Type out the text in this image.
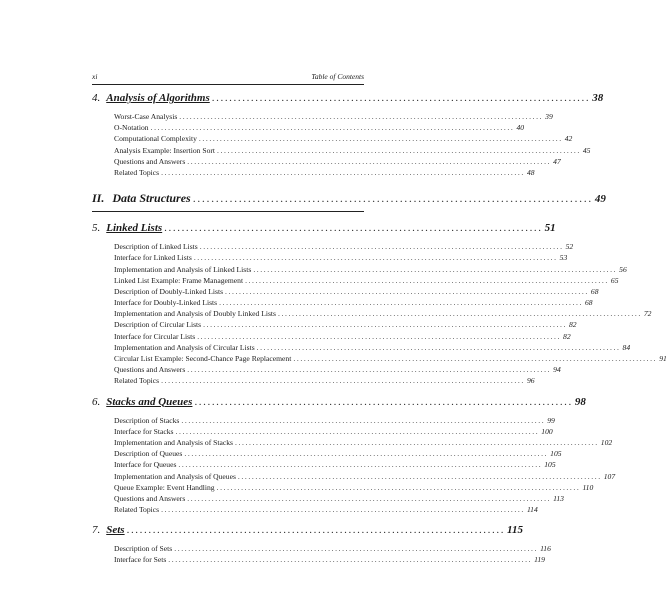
xi	Table of Contents
4. Analysis of Algorithms ....................................................................................... 38
Worst-Case Analysis ........................................................................................................ 39
O-Notation ........................................................................................................ 40
Computational Complexity ........................................................................................................ 42
Analysis Example: Insertion Sort ........................................................................................................ 45
Questions and Answers ........................................................................................................ 47
Related Topics ........................................................................................................ 48
II. Data Structures ....................................................................................... 49
5. Linked Lists ....................................................................................... 51
Description of Linked Lists ........................................................................................................ 52
Interface for Linked Lists ........................................................................................................ 53
Implementation and Analysis of Linked Lists ........................................................................................................ 56
Linked List Example: Frame Management ........................................................................................................ 65
Description of Doubly-Linked Lists ........................................................................................................ 68
Interface for Doubly-Linked Lists ........................................................................................................ 68
Implementation and Analysis of Doubly Linked Lists ........................................................................................................ 72
Description of Circular Lists ........................................................................................................ 82
Interface for Circular Lists ........................................................................................................ 82
Implementation and Analysis of Circular Lists ........................................................................................................ 84
Circular List Example: Second-Chance Page Replacement ........................................................................................................ 91
Questions and Answers ........................................................................................................ 94
Related Topics ........................................................................................................ 96
6. Stacks and Queues ....................................................................................... 98
Description of Stacks ........................................................................................................ 99
Interface for Stacks ........................................................................................................ 100
Implementation and Analysis of Stacks ........................................................................................................ 102
Description of Queues ........................................................................................................ 105
Interface for Queues ........................................................................................................ 105
Implementation and Analysis of Queues ........................................................................................................ 107
Queue Example: Event Handling ........................................................................................................ 110
Questions and Answers ........................................................................................................ 113
Related Topics ........................................................................................................ 114
7. Sets ....................................................................................... 115
Description of Sets ........................................................................................................ 116
Interface for Sets ........................................................................................................ 119
